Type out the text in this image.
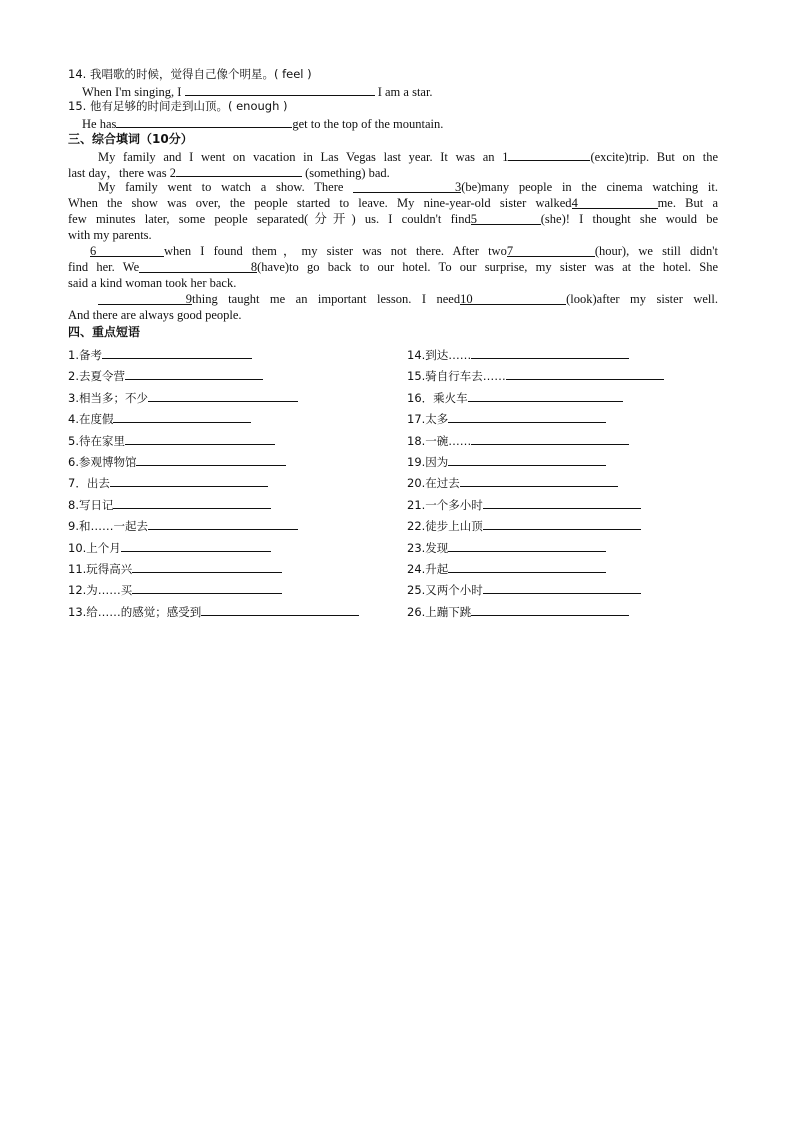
14. 我唱歌的时候，觉得自己像个明星。( feel )
When I'm singing, I	I am a star.
15. 他有足够的时间走到山顶。( enough )
He has	get to the top of the mountain.
三、综合填词（10分）
My family and I went on vacation in Las Vegas last year. It was an 1	(excite)trip. But on the
last day，there was 2	(something) bad.
My family went to watch a show. There	3(be)many people in the cinema watching it.
When the show was over, the people started to leave. My nine-year-old sister walked4	me. But a
few minutes later, some people separated(分开) us. I couldn't find5	(she)! I thought she would be
with my parents.
6	when I found them，my sister was not there. After two7	(hour), we still didn't
find her. We	8(have)to go back to our hotel. To our surprise, my sister was at the hotel. She
said a kind woman took her back.
9thing taught me an important lesson. I need10	(look)after my sister well.
And there are always good people.
四、重点短语
1.备考
2.去夏令营
3.相当多；不少
4.在度假
5.待在家里
6.参观博物馆
7．出去
8.写日记
9.和……一起去
10.上个月
11.玩得高兴
12.为……买
13.给……的感觉；感受到
14.到达……
15.骑自行车去……
16．乘火车
17.太多
18.一碗……
19.因为
20.在过去
21.一个多小时
22.徒步上山顶
23.发现
24.升起
25.又两个小时
26.上蹦下跳
